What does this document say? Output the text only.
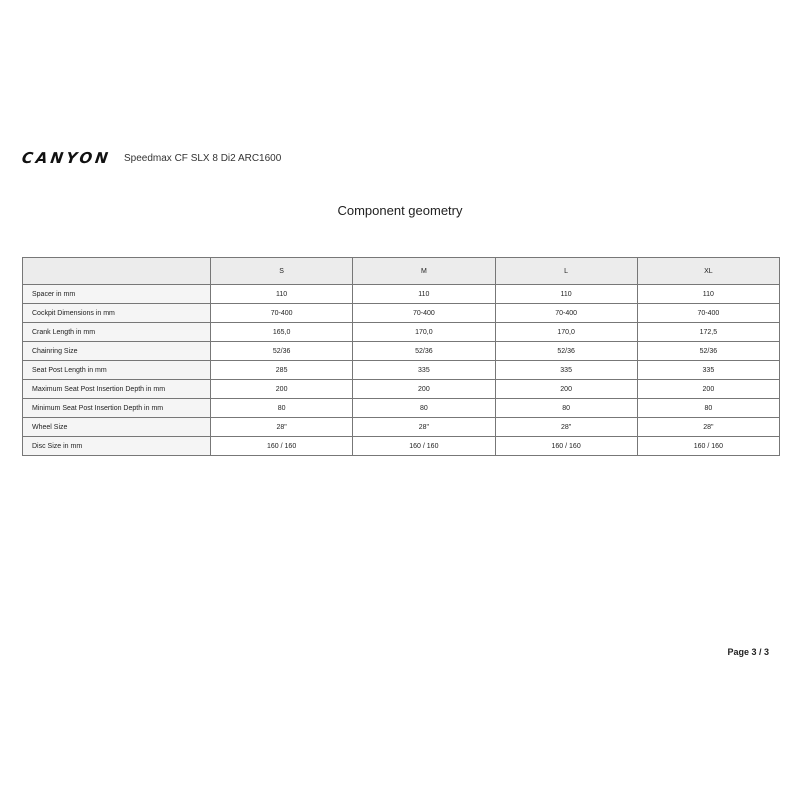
CANYON	Speedmax CF SLX 8 Di2 ARC1600
Component geometry
	S	M	L	XL
Spacer in mm	110	110	110	110
Cockpit Dimensions in mm	70-400	70-400	70-400	70-400
Crank Length in mm	165,0	170,0	170,0	172,5
Chainring Size	52/36	52/36	52/36	52/36
Seat Post Length in mm	285	335	335	335
Maximum Seat Post Insertion Depth in mm	200	200	200	200
Minimum Seat Post Insertion Depth in mm	80	80	80	80
Wheel Size	28"	28"	28"	28"
Disc Size in mm	160 / 160	160 / 160	160 / 160	160 / 160
Page 3 / 3
